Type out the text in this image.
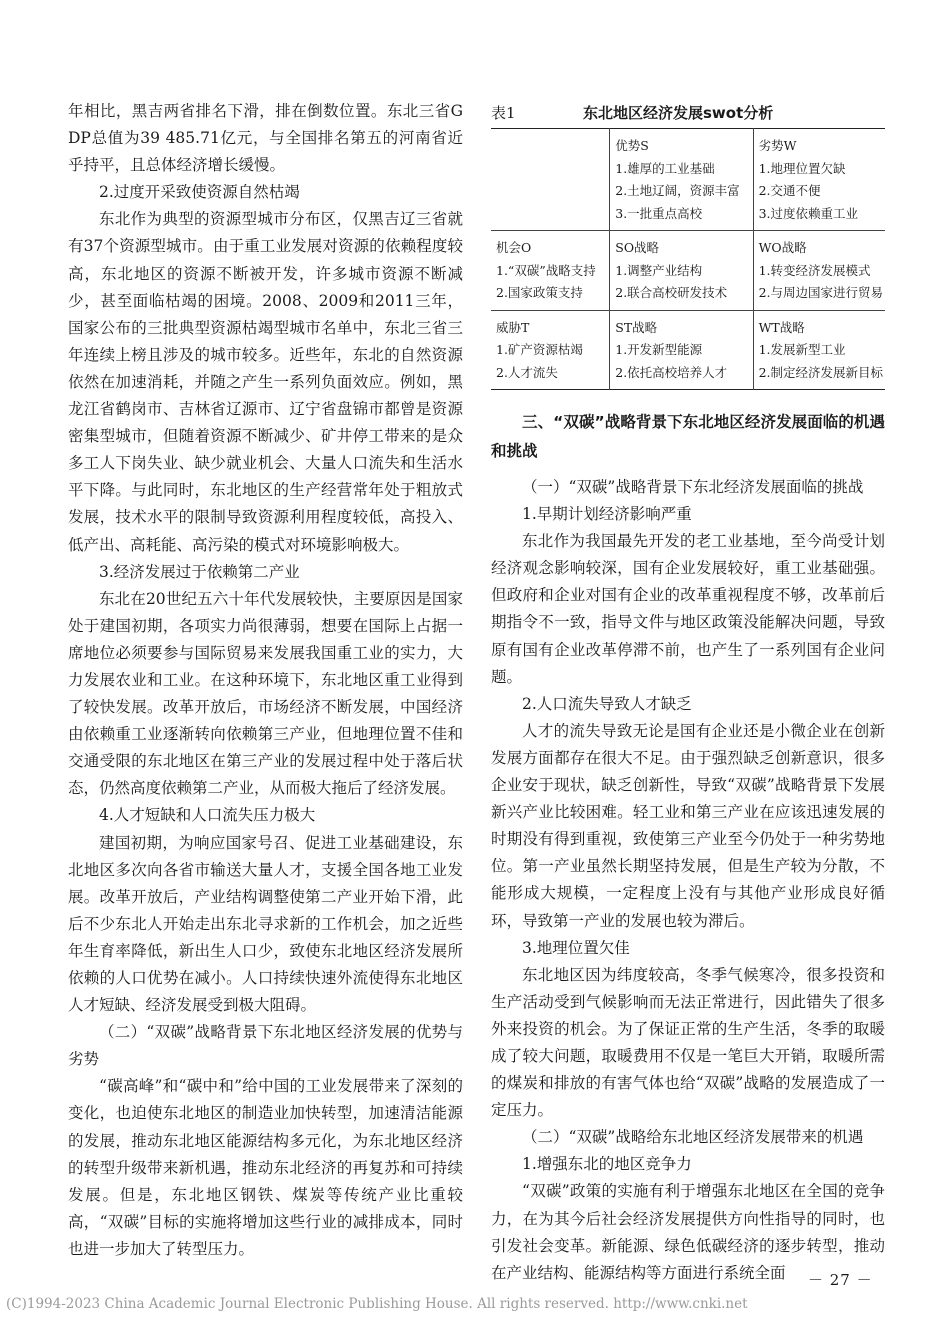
年相比，黑吉两省排名下滑，排在倒数位置。东北三省GDP总值为39 485.71亿元，与全国排名第五的河南省近乎持平，且总体经济增长缓慢。

2.过度开采致使资源自然枯竭

东北作为典型的资源型城市分布区，仅黑吉辽三省就有37个资源型城市。由于重工业发展对资源的依赖程度较高，东北地区的资源不断被开发，许多城市资源不断减少，甚至面临枯竭的困境。2008、2009和2011三年，国家公布的三批典型资源枯竭型城市名单中，东北三省三年连续上榜且涉及的城市较多。近些年，东北的自然资源依然在加速消耗，并随之产生一系列负面效应。例如，黑龙江省鹤岗市、吉林省辽源市、辽宁省盘锦市都曾是资源密集型城市，但随着资源不断减少、矿井停工带来的是众多工人下岗失业、缺少就业机会、大量人口流失和生活水平下降。与此同时，东北地区的生产经营常年处于粗放式发展，技术水平的限制导致资源利用程度较低，高投入、低产出、高耗能、高污染的模式对环境影响极大。

3.经济发展过于依赖第二产业

东北在20世纪五六十年代发展较快，主要原因是国家处于建国初期，各项实力尚很薄弱，想要在国际上占据一席地位必须要参与国际贸易来发展我国重工业的实力，大力发展农业和工业。在这种环境下，东北地区重工业得到了较快发展。改革开放后，市场经济不断发展，中国经济由依赖重工业逐渐转向依赖第三产业，但地理位置不佳和交通受限的东北地区在第三产业的发展过程中处于落后状态，仍然高度依赖第二产业，从而极大拖后了经济发展。

4.人才短缺和人口流失压力极大

建国初期，为响应国家号召、促进工业基础建设，东北地区多次向各省市输送大量人才，支援全国各地工业发展。改革开放后，产业结构调整使第二产业开始下滑，此后不少东北人开始走出东北寻求新的工作机会，加之近些年生育率降低，新出生人口少，致使东北地区经济发展所依赖的人口优势在减小。人口持续快速外流使得东北地区人才短缺、经济发展受到极大阻碍。

（二）“双碳”战略背景下东北地区经济发展的优势与劣势

“碳高峰”和“碳中和”给中国的工业发展带来了深刻的变化，也迫使东北地区的制造业加快转型，加速清洁能源的发展，推动东北地区能源结构多元化，为东北地区经济的转型升级带来新机遇，推动东北经济的再复苏和可持续发展。但是，东北地区钢铁、煤炭等传统产业比重较高，“双碳”目标的实施将增加这些行业的减排成本，同时也进一步加大了转型压力。

表1	东北地区经济发展swot分析

	优势S
1.雄厚的工业基础
2.土地辽阔，资源丰富
3.一批重点高校	劣势W
1.地理位置欠缺
2.交通不便
3.过度依赖重工业

机会O
1.“双碳”战略支持
2.国家政策支持	SO战略
1.调整产业结构
2.联合高校研发技术	WO战略
1.转变经济发展模式
2.与周边国家进行贸易

威胁T
1.矿产资源枯竭
2.人才流失	ST战略
1.开发新型能源
2.依托高校培养人才	WT战略
1.发展新型工业
2.制定经济发展新目标

三、“双碳”战略背景下东北地区经济发展面临的机遇和挑战

（一）“双碳”战略背景下东北经济发展面临的挑战

1.早期计划经济影响严重

东北作为我国最先开发的老工业基地，至今尚受计划经济观念影响较深，国有企业发展较好，重工业基础强。但政府和企业对国有企业的改革重视程度不够，改革前后期指令不一致，指导文件与地区政策没能解决问题，导致原有国有企业改革停滞不前，也产生了一系列国有企业问题。

2.人口流失导致人才缺乏

人才的流失导致无论是国有企业还是小微企业在创新发展方面都存在很大不足。由于强烈缺乏创新意识，很多企业安于现状，缺乏创新性，导致“双碳”战略背景下发展新兴产业比较困难。轻工业和第三产业在应该迅速发展的时期没有得到重视，致使第三产业至今仍处于一种劣势地位。第一产业虽然长期坚持发展，但是生产较为分散，不能形成大规模，一定程度上没有与其他产业形成良好循环，导致第一产业的发展也较为滞后。

3.地理位置欠佳

东北地区因为纬度较高，冬季气候寒冷，很多投资和生产活动受到气候影响而无法正常进行，因此错失了很多外来投资的机会。为了保证正常的生产生活，冬季的取暖成了较大问题，取暖费用不仅是一笔巨大开销，取暖所需的煤炭和排放的有害气体也给“双碳”战略的发展造成了一定压力。

（二）“双碳”战略给东北地区经济发展带来的机遇

1.增强东北的地区竞争力

“双碳”政策的实施有利于增强东北地区在全国的竞争力，在为其今后社会经济发展提供方向性指导的同时，也引发社会变革。新能源、绿色低碳经济的逐步转型，推动在产业结构、能源结构等方面进行系统全面	－ 27 －
(C)1994-2023 China Academic Journal Electronic Publishing House. All rights reserved. http://www.cnki.net
